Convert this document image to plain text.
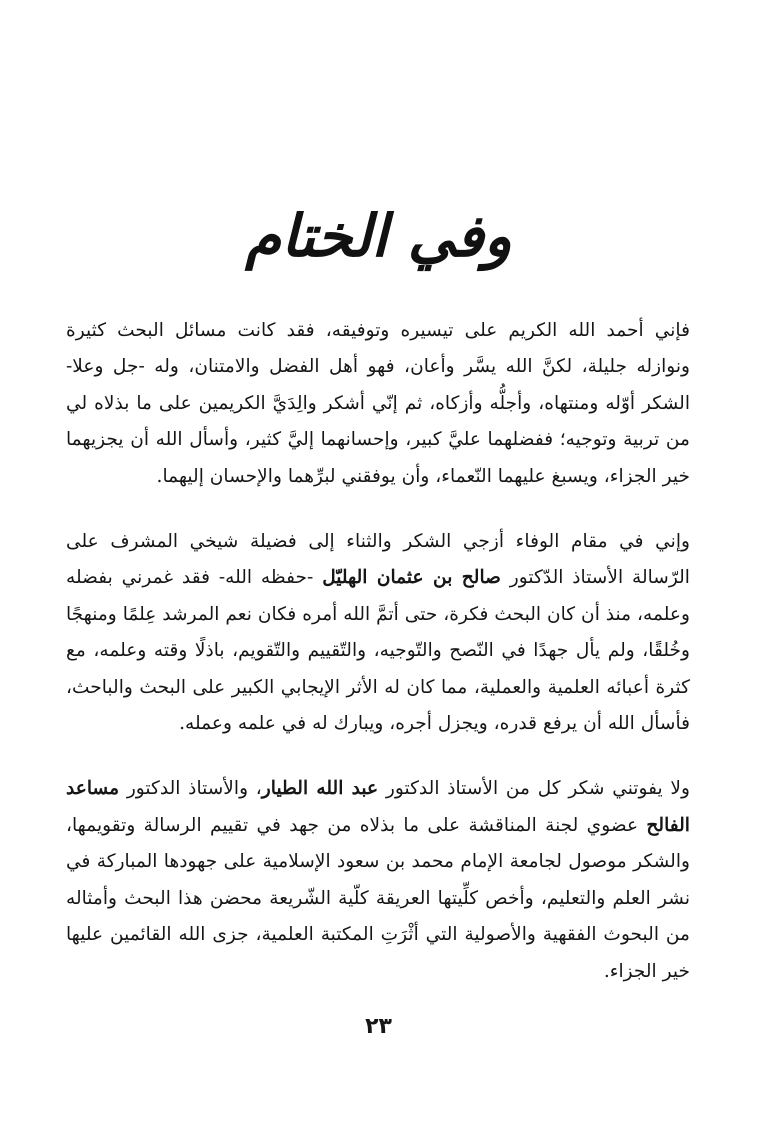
وفي الختام

فإني أحمد الله الكريم على تيسيره وتوفيقه، فقد كانت مسائل البحث كثيرة ونوازله جليلة، لكنَّ الله يسَّر وأعان، فهو أهل الفضل والامتنان، وله -جل وعلا- الشكر أوّله ومنتهاه، وأجلُّه وأزكاه، ثم إنّي أشكر والِدَيَّ الكريمين على ما بذلاه لي من تربية وتوجيه؛ ففضلهما عليَّ كبير، وإحسانهما إليَّ كثير، وأسأل الله أن يجزيهما خير الجزاء، ويسبغ عليهما النّعماء، وأن يوفقني لبرِّهما والإحسان إليهما.

وإني في مقام الوفاء أزجي الشكر والثناء إلى فضيلة شيخي المشرف على الرّسالة الأستاذ الدّكتور صالح بن عثمان الهليّل -حفظه الله- فقد غمرني بفضله وعلمه، منذ أن كان البحث فكرة، حتى أتمَّ الله أمره فكان نعم المرشد عِلمًا ومنهجًا وخُلقًا، ولم يأل جهدًا في النّصح والتّوجيه، والتّقييم والتّقويم، باذلًا وقته وعلمه، مع كثرة أعبائه العلمية والعملية، مما كان له الأثر الإيجابي الكبير على البحث والباحث، فأسأل الله أن يرفع قدره، ويجزل أجره، ويبارك له في علمه وعمله.

ولا يفوتني شكر كل من الأستاذ الدكتور عبد الله الطيار، والأستاذ الدكتور مساعد الفالح عضوي لجنة المناقشة على ما بذلاه من جهد في تقييم الرسالة وتقويمها، والشكر موصول لجامعة الإمام محمد بن سعود الإسلامية على جهودها المباركة في نشر العلم والتعليم، وأخص كلِّيتها العريقة كلّية الشّريعة محضن هذا البحث وأمثاله من البحوث الفقهية والأصولية التي أثْرَتِ المكتبة العلمية، جزى الله القائمين عليها خير الجزاء.

٢٣
